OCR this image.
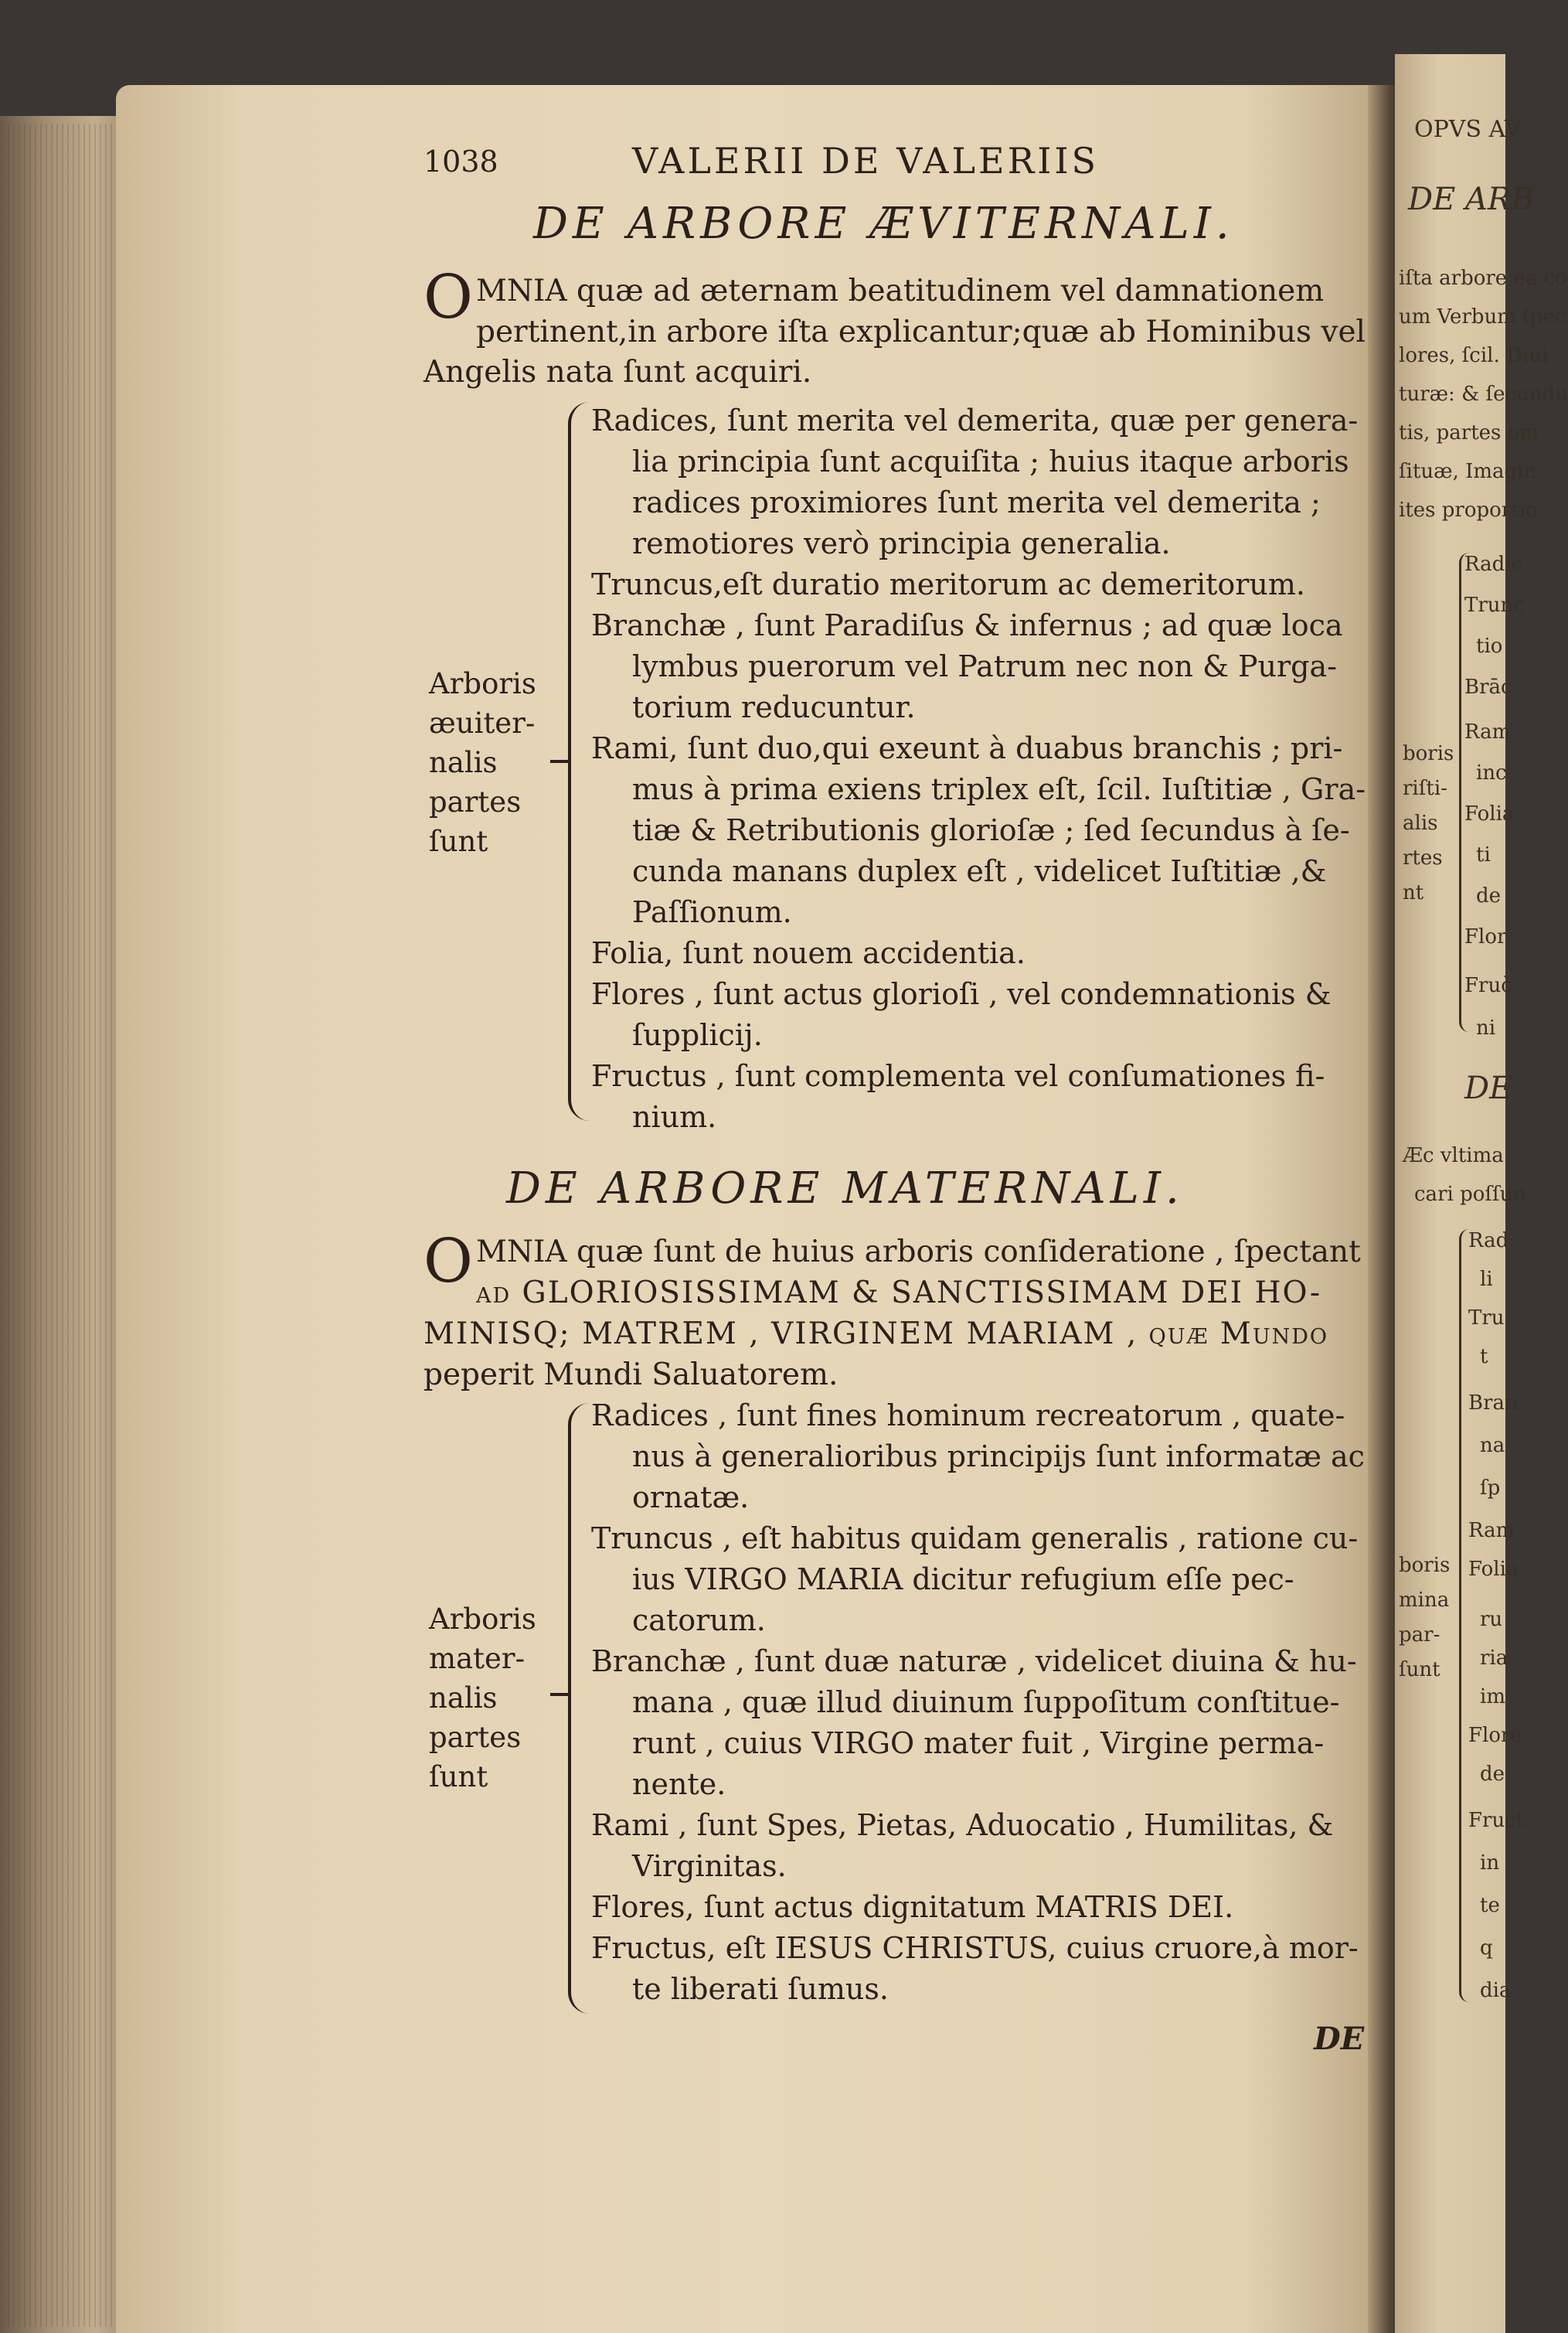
1038	VALERII DE VALERIIS
DE ARBORE ÆVITERNALI.
O MNIA quæ ad æternam beatitudinem vel damnationem
pertinent,in arbore iſta explicantur;quæ ab Hominibus vel
Angelis nata ſunt acquiri.
Arboris
æuiter-
nalis
partes
ſunt
Radices, ſunt merita vel demerita, quæ per genera-
lia principia ſunt acquiſita ; huius itaque arboris
radices proximiores ſunt merita vel demerita ;
remotiores verò principia generalia.
Truncus,eſt duratio meritorum ac demeritorum.
Branchæ , ſunt Paradiſus & infernus ; ad quæ loca
lymbus puerorum vel Patrum nec non & Purga-
torium reducuntur.
Rami, ſunt duo,qui exeunt à duabus branchis ; pri-
mus à prima exiens triplex eſt, ſcil. Iuſtitiæ , Gra-
tiæ & Retributionis glorioſæ ; ſed ſecundus à ſe-
cunda manans duplex eſt , videlicet Iuſtitiæ ,&
Paſſionum.
Folia, ſunt nouem accidentia.
Flores , ſunt actus glorioſi , vel condemnationis &
ſupplicij.
Fructus , ſunt complementa vel conſumationes fi-
nium.
DE ARBORE MATERNALI.
O MNIA quæ ſunt de huius arboris conſideratione , ſpectant
ad GLORIOSISSIMAM & SANCTISSIMAM DEI HO-
MINISQ; MATREM , VIRGINEM MARIAM , quæ Mundo
peperit Mundi Saluatorem.
Arboris
mater-
nalis
partes
ſunt
Radices , ſunt fines hominum recreatorum , quate-
nus à generalioribus principijs ſunt informatæ ac
ornatæ.
Truncus , eſt habitus quidam generalis , ratione cu-
ius VIRGO MARIA dicitur refugium eſſe pec-
catorum.
Branchæ , ſunt duæ naturæ , videlicet diuina & hu-
mana , quæ illud diuinum ſuppoſitum conſtitue-
runt , cuius VIRGO mater fuit , Virgine perma-
nente.
Rami , ſunt Spes, Pietas, Aduocatio , Humilitas, &
Virginitas.
Flores, ſunt actus dignitatum MATRIS DEI.
Fructus, eſt IESUS CHRISTUS, cuius cruore,à mor-
te liberati ſumus.
DE
OPVS AV
DE ARB
iſta arbore ea co
um Verbum ſpec
lores, ſcil. Diui
turæ: & ſecundu
tis, partes om
ſituæ, Imagin
ites proportio
Radic
Trunc
tio
Brāc
Ram
inc
Folia
ti
de
Flor
Fruč
ni
boris
riſti-
alis
rtes
nt
DE
Æc vltima
cari poſſun
Rad
li
Tru
t
Bran
na
ſp
Ram
Folia
ru
ria
im
Flore
de
Fruct
in
te
q
dia
boris
mina
par-
ſunt
